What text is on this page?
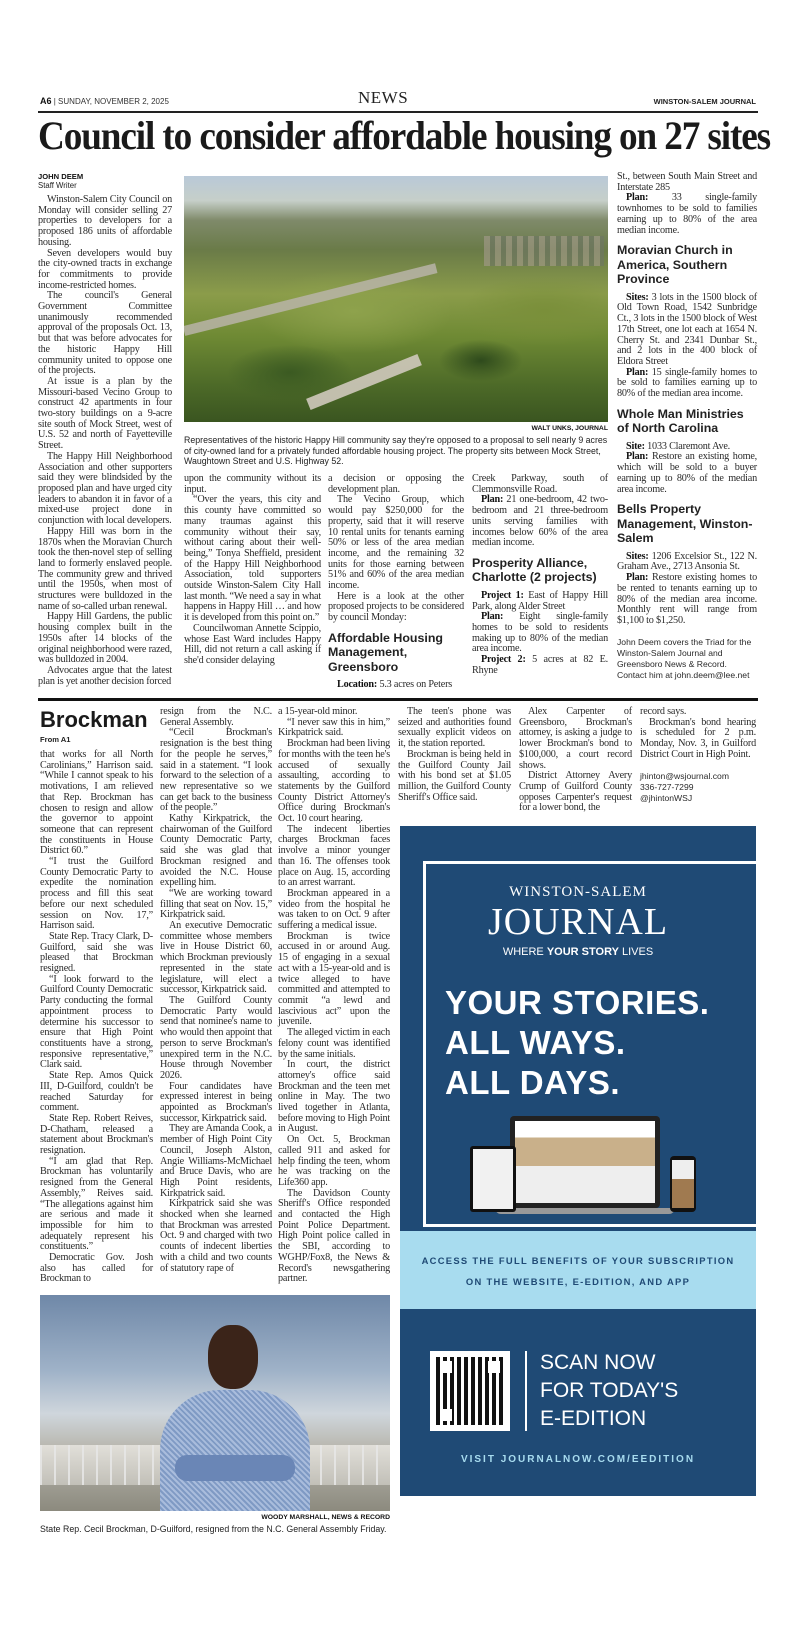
A6 | SUNDAY, NOVEMBER 2, 2025	NEWS	WINSTON-SALEM JOURNAL
Council to consider affordable housing on 27 sites
JOHN DEEM
Staff Writer

Winston-Salem City Council on Monday will consider selling 27 properties to developers for a proposed 186 units of affordable housing.

Seven developers would buy the city-owned tracts in exchange for commitments to provide income-restricted homes.

The council's General Government Committee unanimously recommended approval of the proposals Oct. 13, but that was before advocates for the historic Happy Hill community united to oppose one of the projects.

At issue is a plan by the Missouri-based Vecino Group to construct 42 apartments in four two-story buildings on a 9-acre site south of Mock Street, west of U.S. 52 and north of Fayetteville Street.

The Happy Hill Neighborhood Association and other supporters said they were blindsided by the proposed plan and have urged city leaders to abandon it in favor of a mixed-use project done in conjunction with local developers.

Happy Hill was born in the 1870s when the Moravian Church took the then-novel step of selling land to formerly enslaved people. The community grew and thrived until the 1950s, when most of structures were bulldozed in the name of so-called urban renewal.

Happy Hill Gardens, the public housing complex built in the 1950s after 14 blocks of the original neighborhood were razed, was bulldozed in 2004.

Advocates argue that the latest plan is yet another decision forced

WALT UNKS, JOURNAL
Representatives of the historic Happy Hill community say they're opposed to a proposal to sell nearly 9 acres of city-owned land for a privately funded affordable housing project. The property sits between Mock Street, Waughtown Street and U.S. Highway 52.

upon the community without its input.

“Over the years, this city and this county have committed so many traumas against this community without their say, without caring about their well-being,” Tonya Sheffield, president of the Happy Hill Neighborhood Association, told supporters outside Winston-Salem City Hall last month. “We need a say in what happens in Happy Hill … and how it is developed from this point on.”

Councilwoman Annette Scippio, whose East Ward includes Happy Hill, did not return a call asking if she'd consider delaying

a decision or opposing the development plan.

The Vecino Group, which would pay $250,000 for the property, said that it will reserve 10 rental units for tenants earning 50% or less of the area median income, and the remaining 32 units for those earning between 51% and 60% of the area median income.

Here is a look at the other proposed projects to be considered by council Monday:

Affordable Housing Management, Greensboro

Location: 5.3 acres on Peters

Creek Parkway, south of Clemmonsville Road.

Plan: 21 one-bedroom, 42 two-bedroom and 21 three-bedroom units serving families with incomes below 60% of the area median income.

Prosperity Alliance, Charlotte (2 projects)

Project 1: East of Happy Hill Park, along Alder Street

Plan: Eight single-family homes to be sold to residents making up to 80% of the median area income.

Project 2: 5 acres at 82 E. Rhyne

St., between South Main Street and Interstate 285

Plan: 33 single-family townhomes to be sold to families earning up to 80% of the area median income.

Moravian Church in America, Southern Province

Sites: 3 lots in the 1500 block of Old Town Road, 1542 Sunbridge Ct., 3 lots in the 1500 block of West 17th Street, one lot each at 1654 N. Cherry St. and 2341 Dunbar St., and 2 lots in the 400 block of Eldora Street

Plan: 15 single-family homes to be sold to families earning up to 80% of the median area income.

Whole Man Ministries of North Carolina

Site: 1033 Claremont Ave.

Plan: Restore an existing home, which will be sold to a buyer earning up to 80% of the median area income.

Bells Property Management, Winston-Salem

Sites: 1206 Excelsior St., 122 N. Graham Ave., 2713 Ansonia St.

Plan: Restore existing homes to be rented to tenants earning up to 80% of the median area income. Monthly rent will range from $1,100 to $1,250.

John Deem covers the Triad for the Winston-Salem Journal and Greensboro News & Record. Contact him at john.deem@lee.net
Brockman
From A1

that works for all North Carolinians,” Harrison said. “While I cannot speak to his motivations, I am relieved that Rep. Brockman has chosen to resign and allow the governor to appoint someone that can represent the constituents in House District 60.”

“I trust the Guilford County Democratic Party to expedite the nomination process and fill this seat before our next scheduled session on Nov. 17,” Harrison said.

State Rep. Tracy Clark, D-Guilford, said she was pleased that Brockman resigned.

“I look forward to the Guilford County Democratic Party conducting the formal appointment process to determine his successor to ensure that High Point constituents have a strong, responsive representative,” Clark said.

State Rep. Amos Quick III, D-Guilford, couldn't be reached Saturday for comment.

State Rep. Robert Reives, D-Chatham, released a statement about Brockman's resignation.

“I am glad that Rep. Brockman has voluntarily resigned from the General Assembly,” Reives said. “The allegations against him are serious and made it impossible for him to adequately represent his constituents.”

Democratic Gov. Josh also has called for Brockman to

resign from the N.C. General Assembly.

“Cecil Brockman's resignation is the best thing for the people he serves,” said in a statement. “I look forward to the selection of a new representative so we can get back to the business of the people.”

Kathy Kirkpatrick, the chairwoman of the Guilford County Democratic Party, said she was glad that Brockman resigned and avoided the N.C. House expelling him.

“We are working toward filling that seat on Nov. 15,” Kirkpatrick said.

An executive Democratic committee whose members live in House District 60, which Brockman previously represented in the state legislature, will elect a successor, Kirkpatrick said.

The Guilford County Democratic Party would send that nominee's name to who would then appoint that person to serve Brockman's unexpired term in the N.C. House through November 2026.

Four candidates have expressed interest in being appointed as Brockman's successor, Kirkpatrick said.

They are Amanda Cook, a member of High Point City Council, Joseph Alston, Angie Williams-McMichael and Bruce Davis, who are High Point residents, Kirkpatrick said.

Kirkpatrick said she was shocked when she learned that Brockman was arrested Oct. 9 and charged with two counts of indecent liberties with a child and two counts of statutory rape of

a 15-year-old minor.

“I never saw this in him,” Kirkpatrick said.

Brockman had been living for months with the teen he's accused of sexually assaulting, according to statements by the Guilford County District Attorney's Office during Brockman's Oct. 10 court hearing.

The indecent liberties charges Brockman faces involve a minor younger than 16. The offenses took place on Aug. 15, according to an arrest warrant.

Brockman appeared in a video from the hospital he was taken to on Oct. 9 after suffering a medical issue.

Brockman is twice accused in or around Aug. 15 of engaging in a sexual act with a 15-year-old and is twice alleged to have committed and attempted to commit “a lewd and lascivious act” upon the juvenile.

The alleged victim in each felony count was identified by the same initials.

In court, the district attorney's office said Brockman and the teen met online in May. The two lived together in Atlanta, before moving to High Point in August.

On Oct. 5, Brockman called 911 and asked for help finding the teen, whom he was tracking on the Life360 app.

The Davidson County Sheriff's Office responded and contacted the High Point Police Department. High Point police called in the SBI, according to WGHP/Fox8, the News & Record's newsgathering partner.

The teen's phone was seized and authorities found sexually explicit videos on it, the station reported.

Brockman is being held in the Guilford County Jail with his bond set at $1.05 million, the Guilford County Sheriff's Office said.

Alex Carpenter of Greensboro, Brockman's attorney, is asking a judge to lower Brockman's bond to $100,000, a court record shows.

District Attorney Avery Crump of Guilford County opposes Carpenter's request for a lower bond, the

record says.

Brockman's bond hearing is scheduled for 2 p.m. Monday, Nov. 3, in Guilford District Court in High Point.

jhinton@wsjournal.com
336-727-7299
@jhintonWSJ
WOODY MARSHALL, NEWS & RECORD
State Rep. Cecil Brockman, D-Guilford, resigned from the N.C. General Assembly Friday.
WINSTON-SALEM
JOURNAL
WHERE YOUR STORY LIVES
YOUR STORIES.
ALL WAYS.
ALL DAYS.
ACCESS THE FULL BENEFITS OF YOUR SUBSCRIPTION
ON THE WEBSITE, E-EDITION, AND APP
SCAN NOW
FOR TODAY'S
E-EDITION
VISIT JOURNALNOW.COM/EEDITION
